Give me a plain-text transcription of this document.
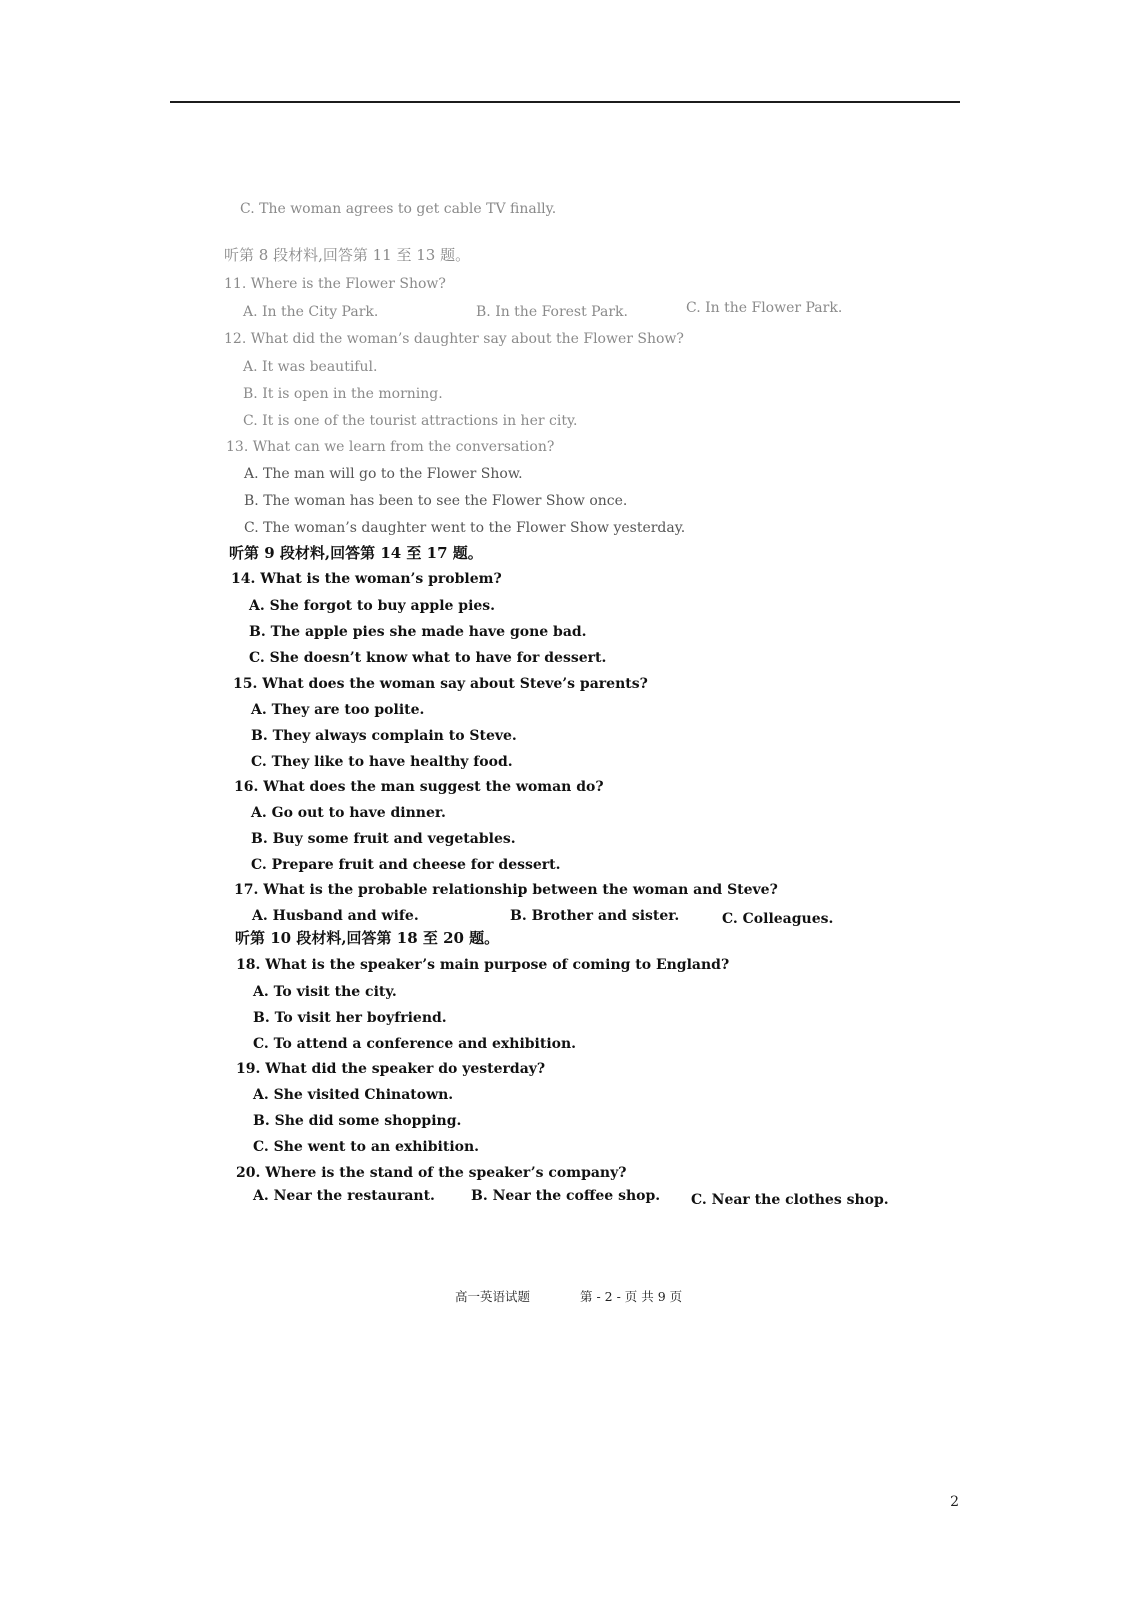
C. The woman agrees to get cable TV finally.
听第 8 段材料,回答第 11 至 13 题。
11. Where is the Flower Show?
A. In the City Park.	B. In the Forest Park.	C. In the Flower Park.
12. What did the woman’s daughter say about the Flower Show?
A. It was beautiful.
B. It is open in the morning.
C. It is one of the tourist attractions in her city.
13. What can we learn from the conversation?
A. The man will go to the Flower Show.
B. The woman has been to see the Flower Show once.
C. The woman’s daughter went to the Flower Show yesterday.
听第 9 段材料,回答第 14 至 17 题。
14. What is the woman’s problem?
A. She forgot to buy apple pies.
B. The apple pies she made have gone bad.
C. She doesn’t know what to have for dessert.
15. What does the woman say about Steve’s parents?
A. They are too polite.
B. They always complain to Steve.
C. They like to have healthy food.
16. What does the man suggest the woman do?
A. Go out to have dinner.
B. Buy some fruit and vegetables.
C. Prepare fruit and cheese for dessert.
17. What is the probable relationship between the woman and Steve?
A. Husband and wife.	B. Brother and sister.	C. Colleagues.
听第 10 段材料,回答第 18 至 20 题。
18. What is the speaker’s main purpose of coming to England?
A. To visit the city.
B. To visit her boyfriend.
C. To attend a conference and exhibition.
19. What did the speaker do yesterday?
A. She visited Chinatown.
B. She did some shopping.
C. She went to an exhibition.
20. Where is the stand of the speaker’s company?
A. Near the restaurant.	B. Near the coffee shop. C. Near the clothes shop.
高一英语试题	第 - 2 - 页 共 9 页
2
